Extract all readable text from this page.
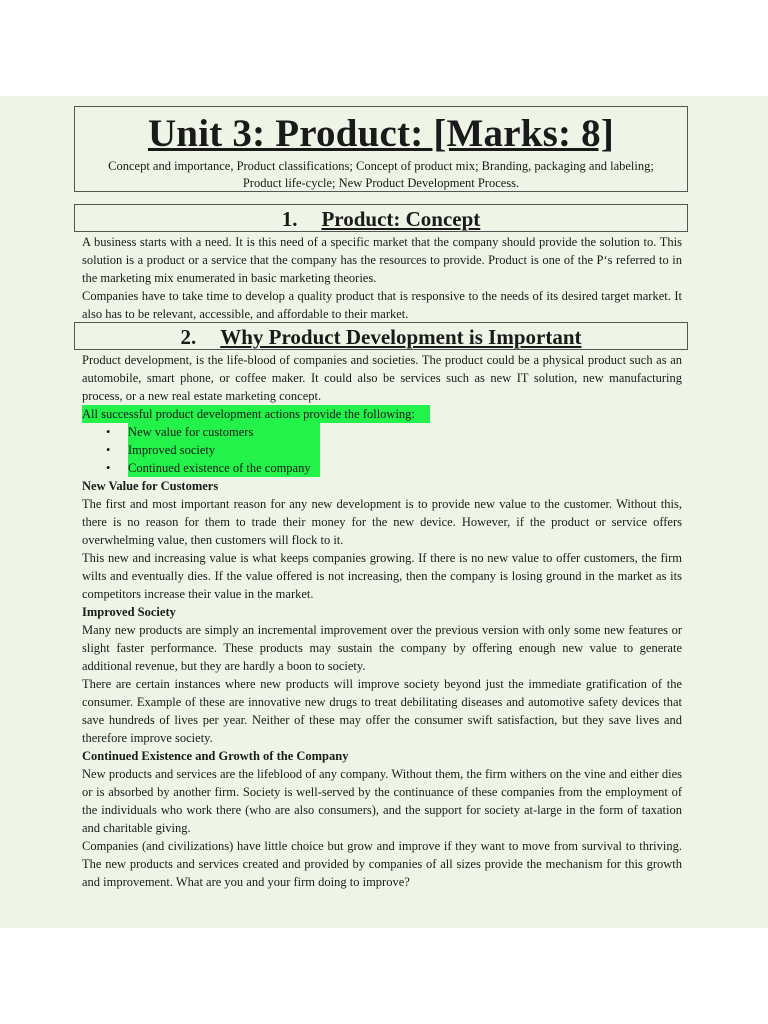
Unit 3: Product: [Marks: 8]
Concept and importance, Product classifications; Concept of product mix; Branding, packaging and labeling;
Product life-cycle; New Product Development Process.
1. Product: Concept

A business starts with a need. It is this need of a specific market that the company should provide the solution to. This solution is a product or a service that the company has the resources to provide. Product is one of the P‘s referred to in the marketing mix enumerated in basic marketing theories.

Companies have to take time to develop a quality product that is responsive to the needs of its desired target market. It also has to be relevant, accessible, and affordable to their market.

2. Why Product Development is Important

Product development, is the life-blood of companies and societies. The product could be a physical product such as an automobile, smart phone, or coffee maker. It could also be services such as new IT solution, new manufacturing process, or a new real estate marketing concept.

All successful product development actions provide the following:

• New value for customers
• Improved society
• Continued existence of the company

New Value for Customers

The first and most important reason for any new development is to provide new value to the customer. Without this, there is no reason for them to trade their money for the new device. However, if the product or service offers overwhelming value, then customers will flock to it.

This new and increasing value is what keeps companies growing. If there is no new value to offer customers, the firm wilts and eventually dies. If the value offered is not increasing, then the company is losing ground in the market as its competitors increase their value in the market.

Improved Society

Many new products are simply an incremental improvement over the previous version with only some new features or slight faster performance. These products may sustain the company by offering enough new value to generate additional revenue, but they are hardly a boon to society.

There are certain instances where new products will improve society beyond just the immediate gratification of the consumer. Example of these are innovative new drugs to treat debilitating diseases and automotive safety devices that save hundreds of lives per year. Neither of these may offer the consumer swift satisfaction, but they save lives and therefore improve society.

Continued Existence and Growth of the Company

New products and services are the lifeblood of any company. Without them, the firm withers on the vine and either dies or is absorbed by another firm. Society is well-served by the continuance of these companies from the employment of the individuals who work there (who are also consumers), and the support for society at-large in the form of taxation and charitable giving.

Companies (and civilizations) have little choice but grow and improve if they want to move from survival to thriving. The new products and services created and provided by companies of all sizes provide the mechanism for this growth and improvement. What are you and your firm doing to improve?
